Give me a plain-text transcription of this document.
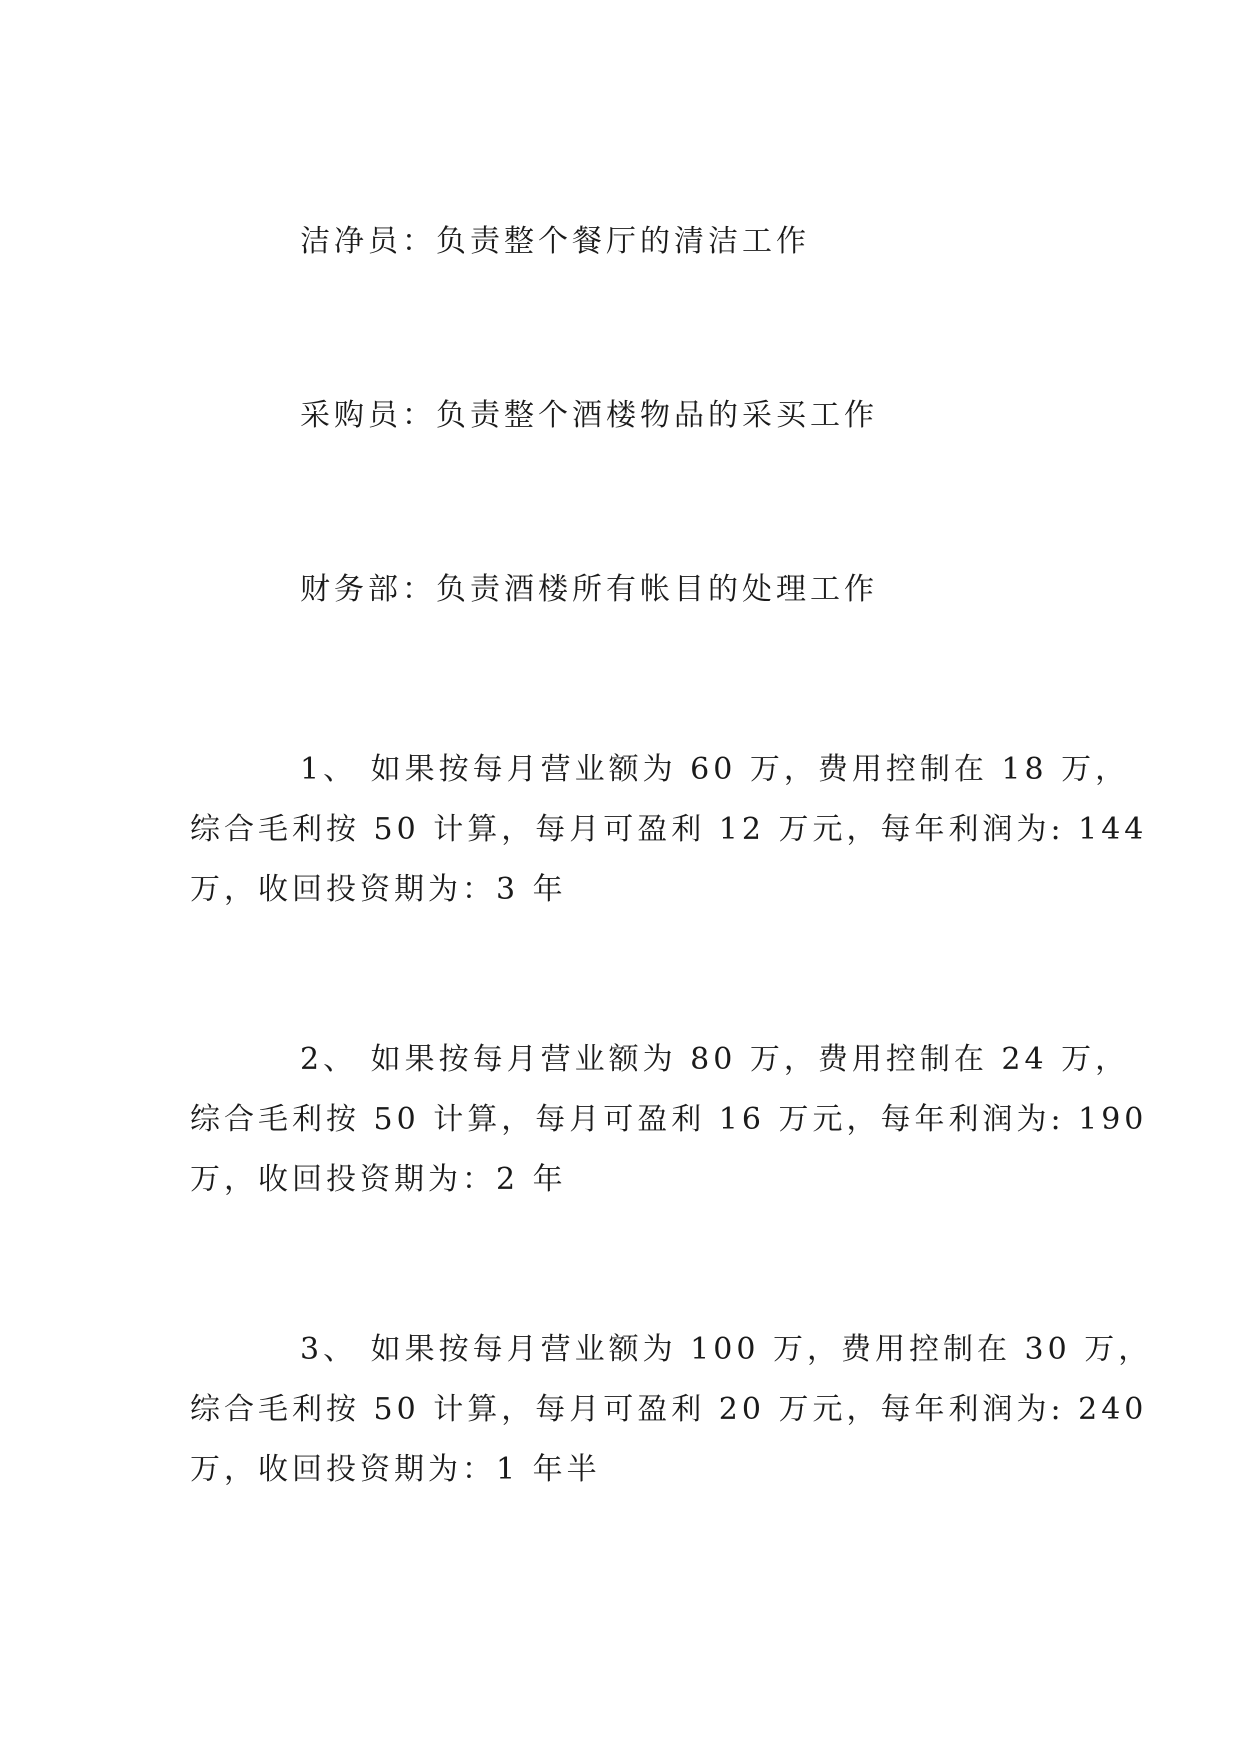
洁净员：负责整个餐厅的清洁工作
采购员：负责整个酒楼物品的采买工作
财务部：负责酒楼所有帐目的处理工作
1、 如果按每月营业额为 60 万，费用控制在 18 万，
综合毛利按 50 计算，每月可盈利 12 万元，每年利润为: 144
万，收回投资期为：3 年
2、 如果按每月营业额为 80 万，费用控制在 24 万，
综合毛利按 50 计算，每月可盈利 16 万元，每年利润为: 190
万，收回投资期为：2 年
3、 如果按每月营业额为 100 万，费用控制在 30 万，
综合毛利按 50 计算，每月可盈利 20 万元，每年利润为: 240
万，收回投资期为：1 年半
